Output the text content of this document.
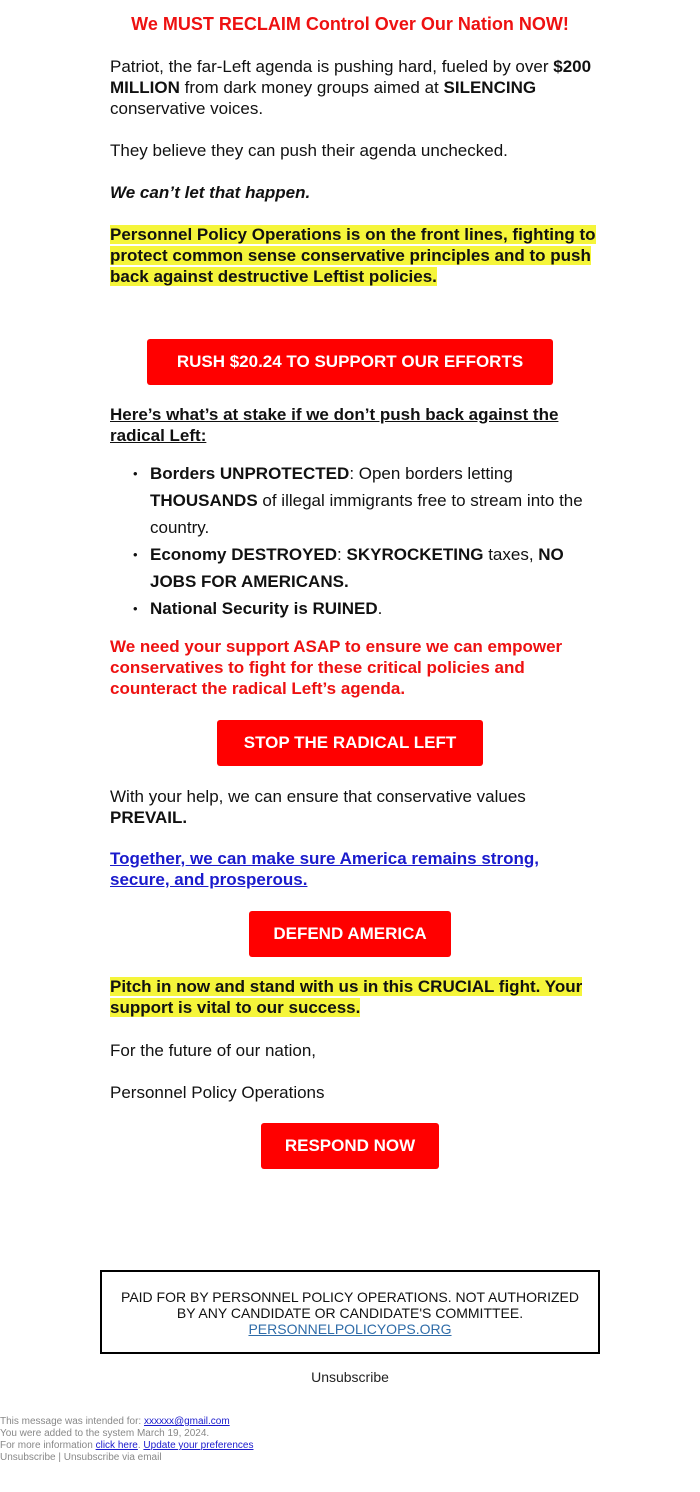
We MUST RECLAIM Control Over Our Nation NOW!

Patriot, the far-Left agenda is pushing hard, fueled by over $200 MILLION from dark money groups aimed at SILENCING conservative voices.

They believe they can push their agenda unchecked.

We can’t let that happen.

Personnel Policy Operations is on the front lines, fighting to protect common sense conservative principles and to push back against destructive Leftist policies.

RUSH $20.24 TO SUPPORT OUR EFFORTS

Here’s what’s at stake if we don’t push back against the radical Left:

• Borders UNPROTECTED: Open borders letting THOUSANDS of illegal immigrants free to stream into the country.
• Economy DESTROYED: SKYROCKETING taxes, NO JOBS FOR AMERICANS.
• National Security is RUINED.

We need your support ASAP to ensure we can empower conservatives to fight for these critical policies and counteract the radical Left’s agenda.

STOP THE RADICAL LEFT

With your help, we can ensure that conservative values PREVAIL.

Together, we can make sure America remains strong, secure, and prosperous.

DEFEND AMERICA

Pitch in now and stand with us in this CRUCIAL fight. Your support is vital to our success.

For the future of our nation,

Personnel Policy Operations

RESPOND NOW
PAID FOR BY PERSONNEL POLICY OPERATIONS. NOT AUTHORIZED BY ANY CANDIDATE OR CANDIDATE'S COMMITTEE.
PERSONNELPOLICYOPS.ORG
Unsubscribe
This message was intended for: xxxxxx@gmail.com
You were added to the system March 19, 2024.
For more information click here. Update your preferences
Unsubscribe | Unsubscribe via email
